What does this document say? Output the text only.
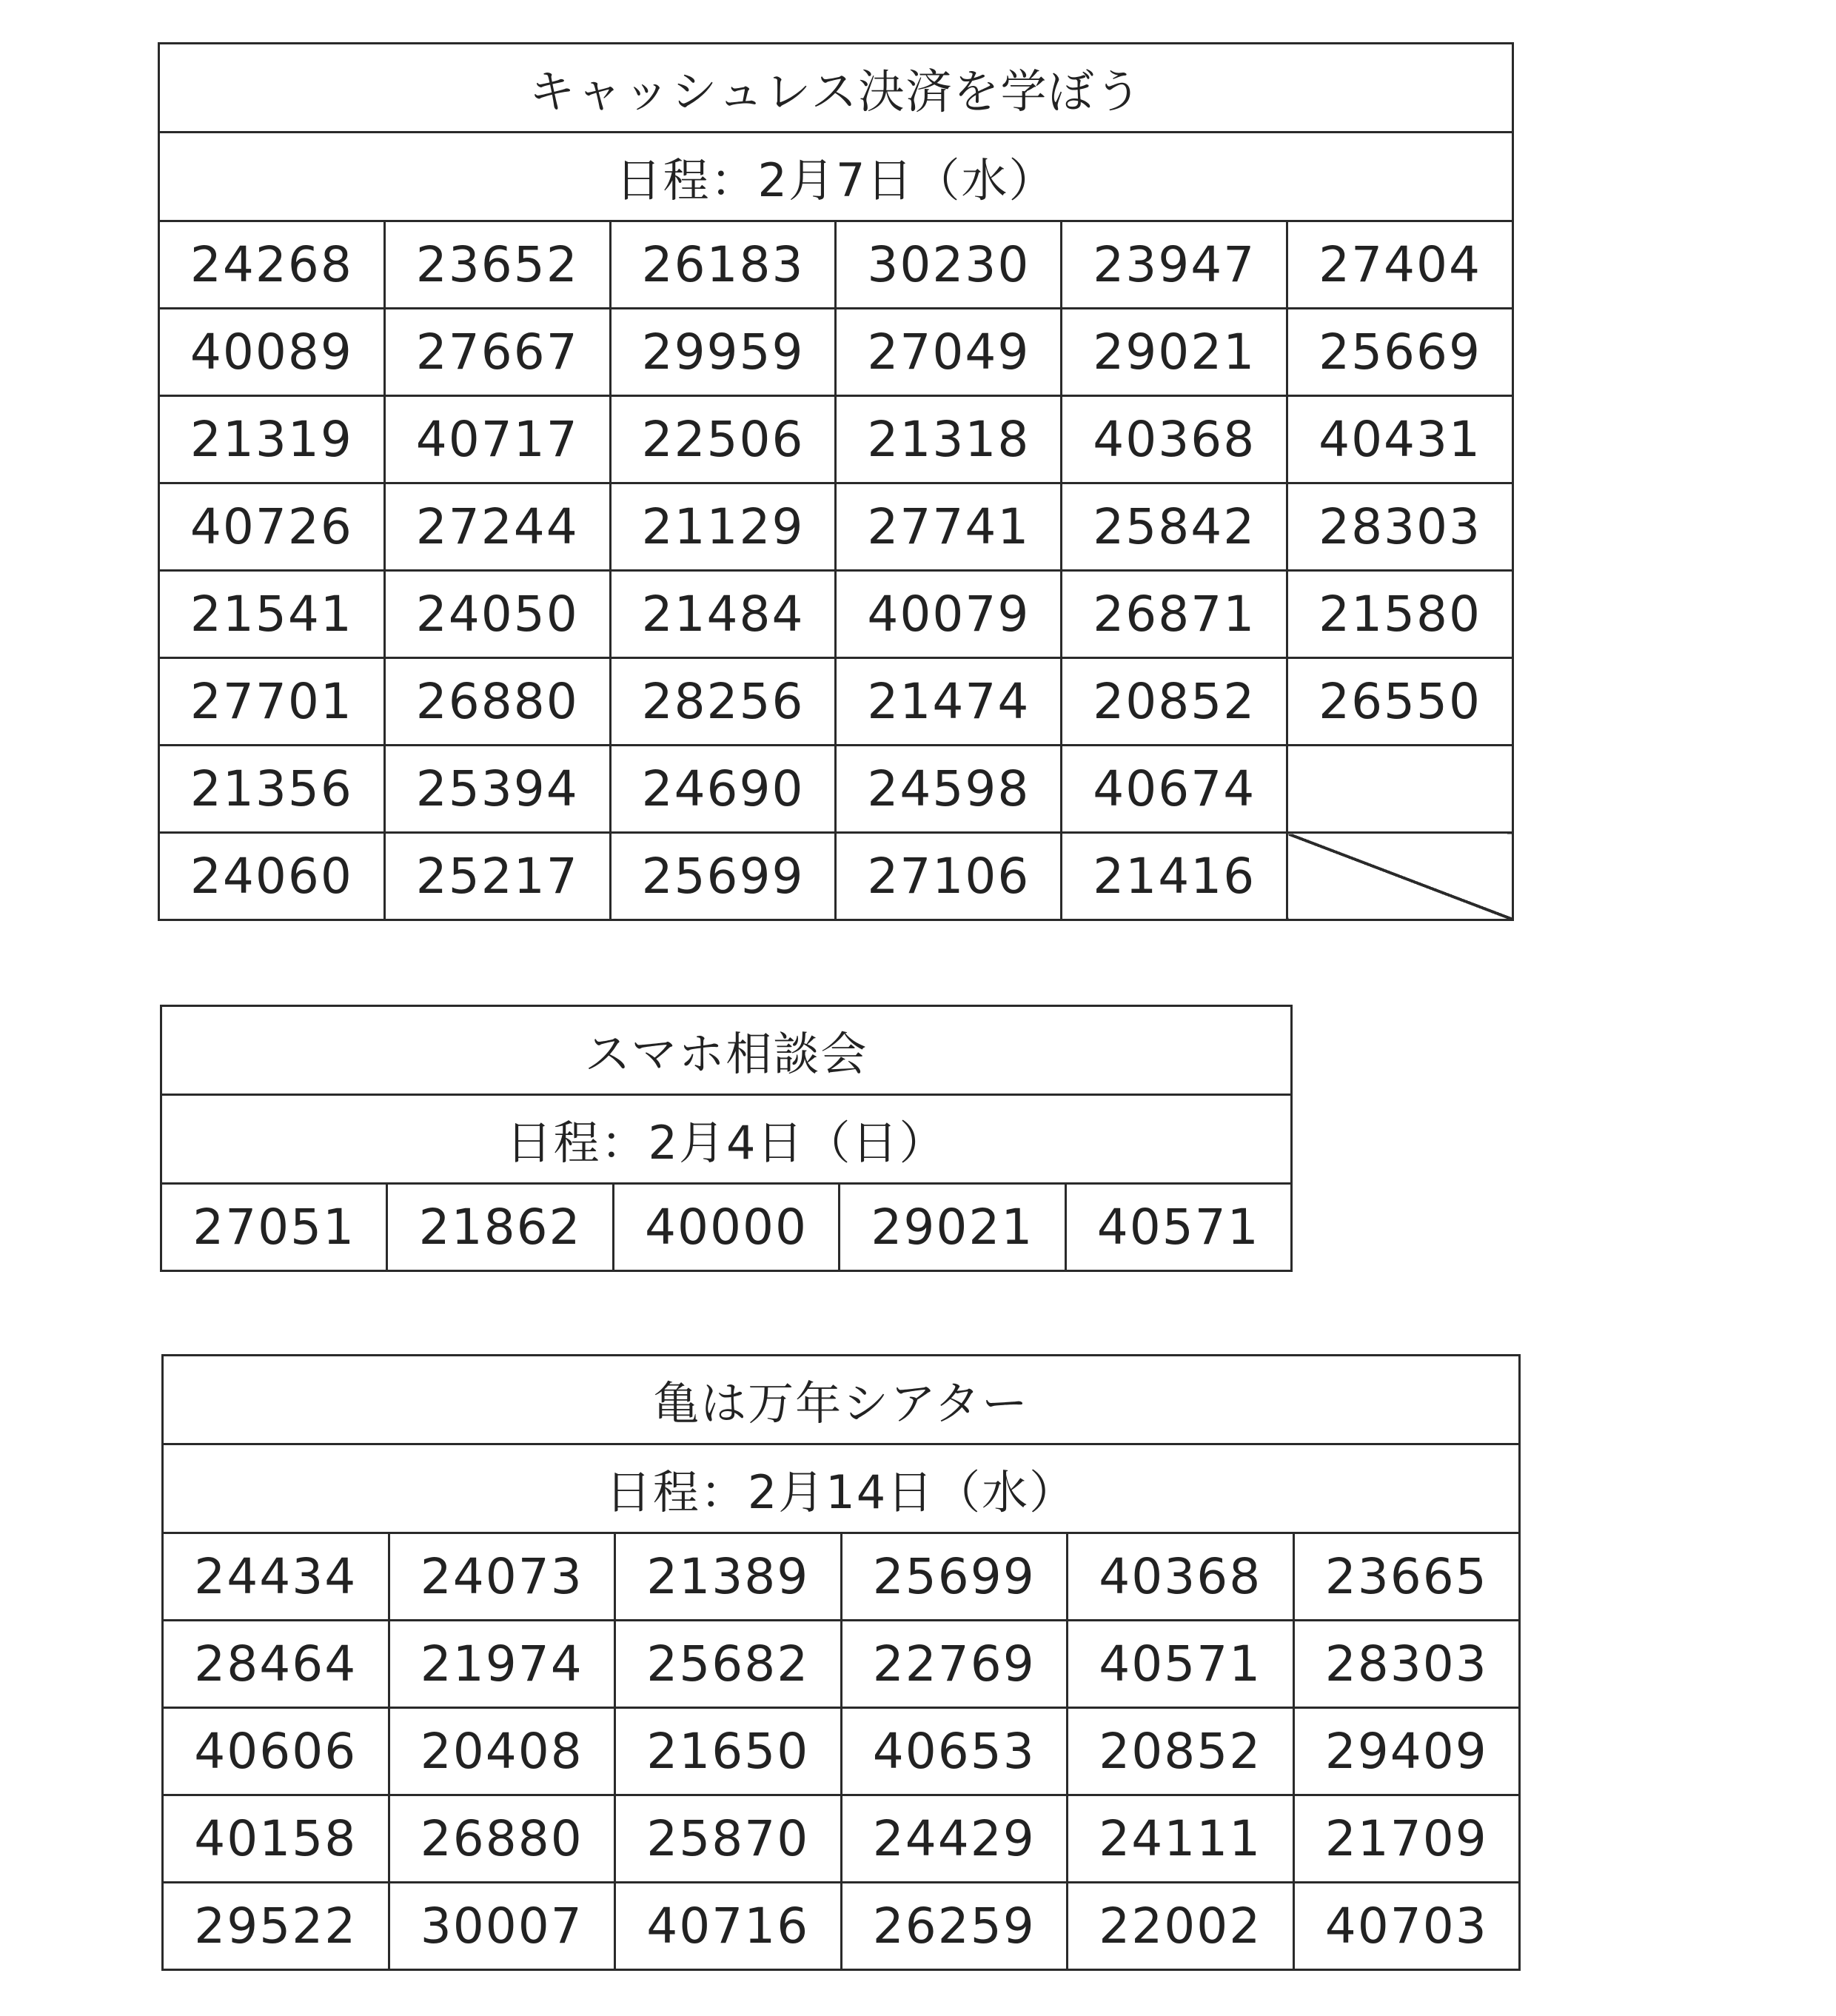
キャッシュレス決済を学ぼう					
日程：2月7日（水）					
24268	23652	26183	30230	23947	27404
40089	27667	29959	27049	29021	25669
21319	40717	22506	21318	40368	40431
40726	27244	21129	27741	25842	28303
21541	24050	21484	40079	26871	21580
27701	26880	28256	21474	20852	26550
21356	25394	24690	24598	40674	
24060	25217	25699	27106	21416	
スマホ相談会
日程：2月4日（日）
27051	21862	40000	29021	40571
亀は万年シアター					
日程：2月14日（水）					
24434	24073	21389	25699	40368	23665
28464	21974	25682	22769	40571	28303
40606	20408	21650	40653	20852	29409
40158	26880	25870	24429	24111	21709
29522	30007	40716	26259	22002	40703
